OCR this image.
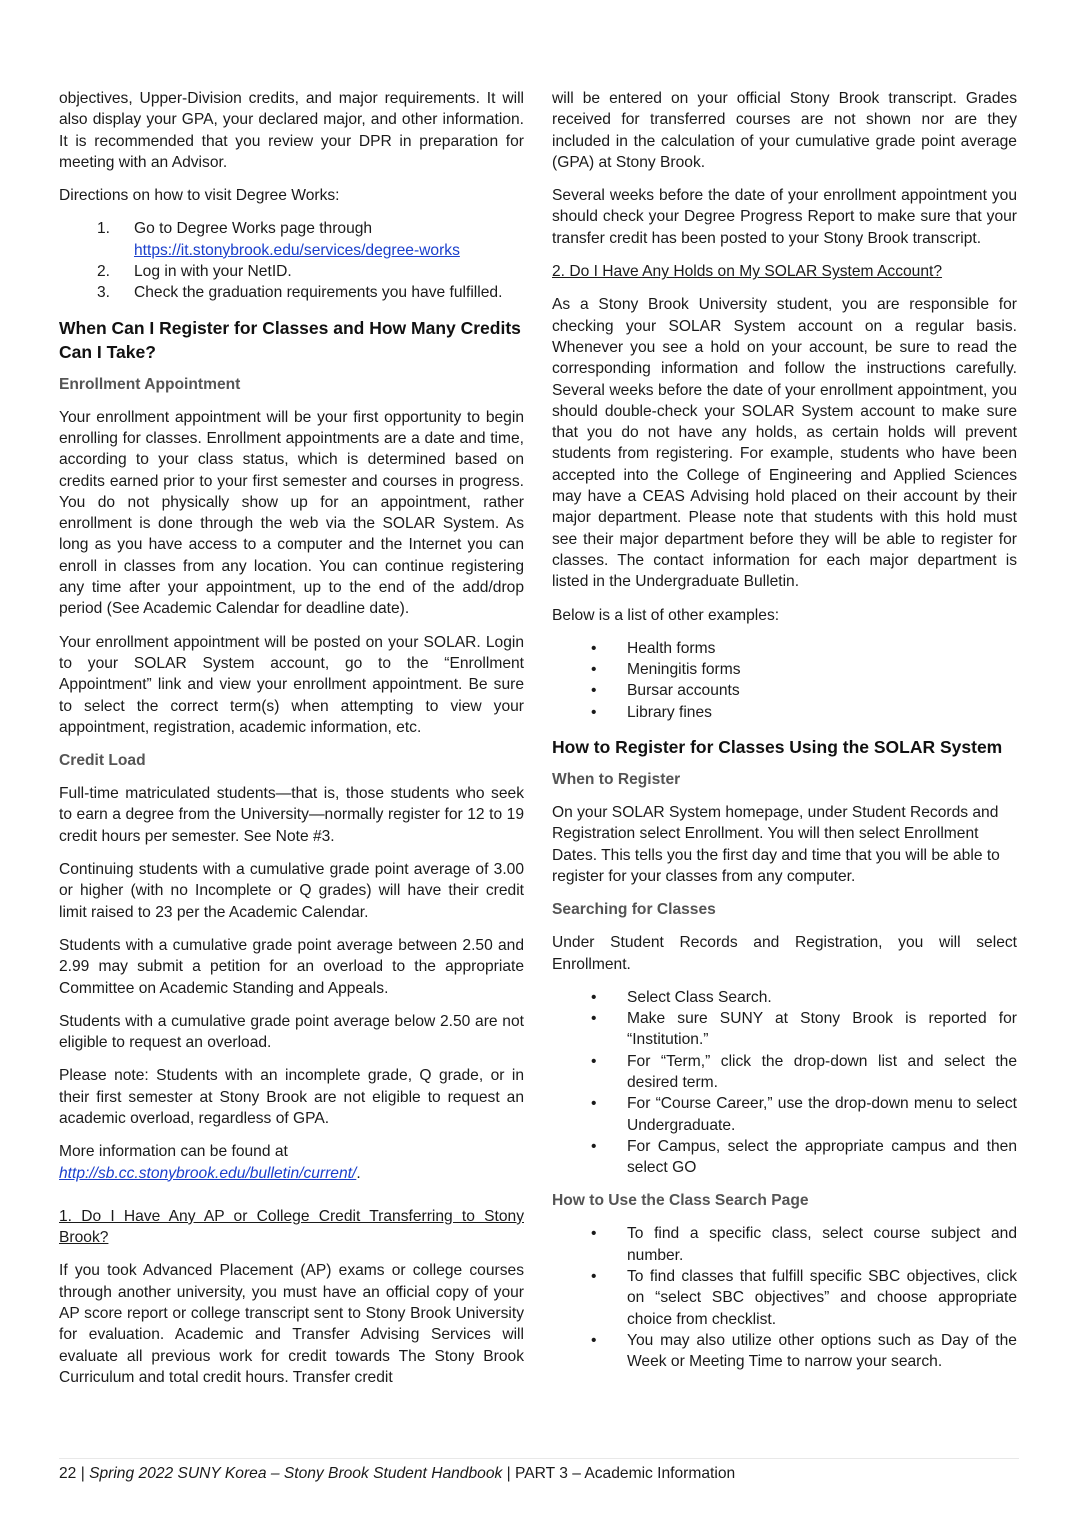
objectives, Upper-Division credits, and major requirements. It will also display your GPA, your declared major, and other information. It is recommended that you review your DPR in preparation for meeting with an Advisor.

Directions on how to visit Degree Works:

1. Go to Degree Works page through
https://it.stonybrook.edu/services/degree-works
2. Log in with your NetID.
3. Check the graduation requirements you have fulfilled.
When Can I Register for Classes and How Many Credits Can I Take?
Enrollment Appointment

Your enrollment appointment will be your first opportunity to begin enrolling for classes. Enrollment appointments are a date and time, according to your class status, which is determined based on credits earned prior to your first semester and courses in progress. You do not physically show up for an appointment, rather enrollment is done through the web via the SOLAR System. As long as you have access to a computer and the Internet you can enroll in classes from any location. You can continue registering any time after your appointment, up to the end of the add/drop period (See Academic Calendar for deadline date).

Your enrollment appointment will be posted on your SOLAR. Login to your SOLAR System account, go to the “Enrollment Appointment” link and view your enrollment appointment. Be sure to select the correct term(s) when attempting to view your appointment, registration, academic information, etc.

Credit Load

Full-time matriculated students—that is, those students who seek to earn a degree from the University—normally register for 12 to 19 credit hours per semester. See Note #3.

Continuing students with a cumulative grade point average of 3.00 or higher (with no Incomplete or Q grades) will have their credit limit raised to 23 per the Academic Calendar.

Students with a cumulative grade point average between 2.50 and 2.99 may submit a petition for an overload to the appropriate Committee on Academic Standing and Appeals.

Students with a cumulative grade point average below 2.50 are not eligible to request an overload.

Please note: Students with an incomplete grade, Q grade, or in their first semester at Stony Brook are not eligible to request an academic overload, regardless of GPA.

More information can be found at
http://sb.cc.stonybrook.edu/bulletin/current/.

1. Do I Have Any AP or College Credit Transferring to Stony Brook?

If you took Advanced Placement (AP) exams or college courses through another university, you must have an official copy of your AP score report or college transcript sent to Stony Brook University for evaluation. Academic and Transfer Advising Services will evaluate all previous work for credit towards The Stony Brook Curriculum and total credit hours. Transfer credit

will be entered on your official Stony Brook transcript. Grades received for transferred courses are not shown nor are they included in the calculation of your cumulative grade point average (GPA) at Stony Brook.

Several weeks before the date of your enrollment appointment you should check your Degree Progress Report to make sure that your transfer credit has been posted to your Stony Brook transcript.

2. Do I Have Any Holds on My SOLAR System Account?

As a Stony Brook University student, you are responsible for checking your SOLAR System account on a regular basis. Whenever you see a hold on your account, be sure to read the corresponding information and follow the instructions carefully. Several weeks before the date of your enrollment appointment, you should double-check your SOLAR System account to make sure that you do not have any holds, as certain holds will prevent students from registering. For example, students who have been accepted into the College of Engineering and Applied Sciences may have a CEAS Advising hold placed on their account by their major department. Please note that students with this hold must see their major department before they will be able to register for classes. The contact information for each major department is listed in the Undergraduate Bulletin.

Below is a list of other examples:

• Health forms
• Meningitis forms
• Bursar accounts
• Library fines
How to Register for Classes Using the SOLAR System
When to Register

On your SOLAR System homepage, under Student Records and Registration select Enrollment. You will then select Enrollment Dates. This tells you the first day and time that you will be able to register for your classes from any computer.

Searching for Classes

Under Student Records and Registration, you will select Enrollment.

• Select Class Search.
• Make sure SUNY at Stony Brook is reported for “Institution.”
• For “Term,” click the drop-down list and select the desired term.
• For “Course Career,” use the drop-down menu to select Undergraduate.
• For Campus, select the appropriate campus and then select GO
How to Use the Class Search Page
• To find a specific class, select course subject and number.
• To find classes that fulfill specific SBC objectives, click on “select SBC objectives” and choose appropriate choice from checklist.
• You may also utilize other options such as Day of the Week or Meeting Time to narrow your search.
22 | Spring 2022 SUNY Korea – Stony Brook Student Handbook | PART 3 – Academic Information
